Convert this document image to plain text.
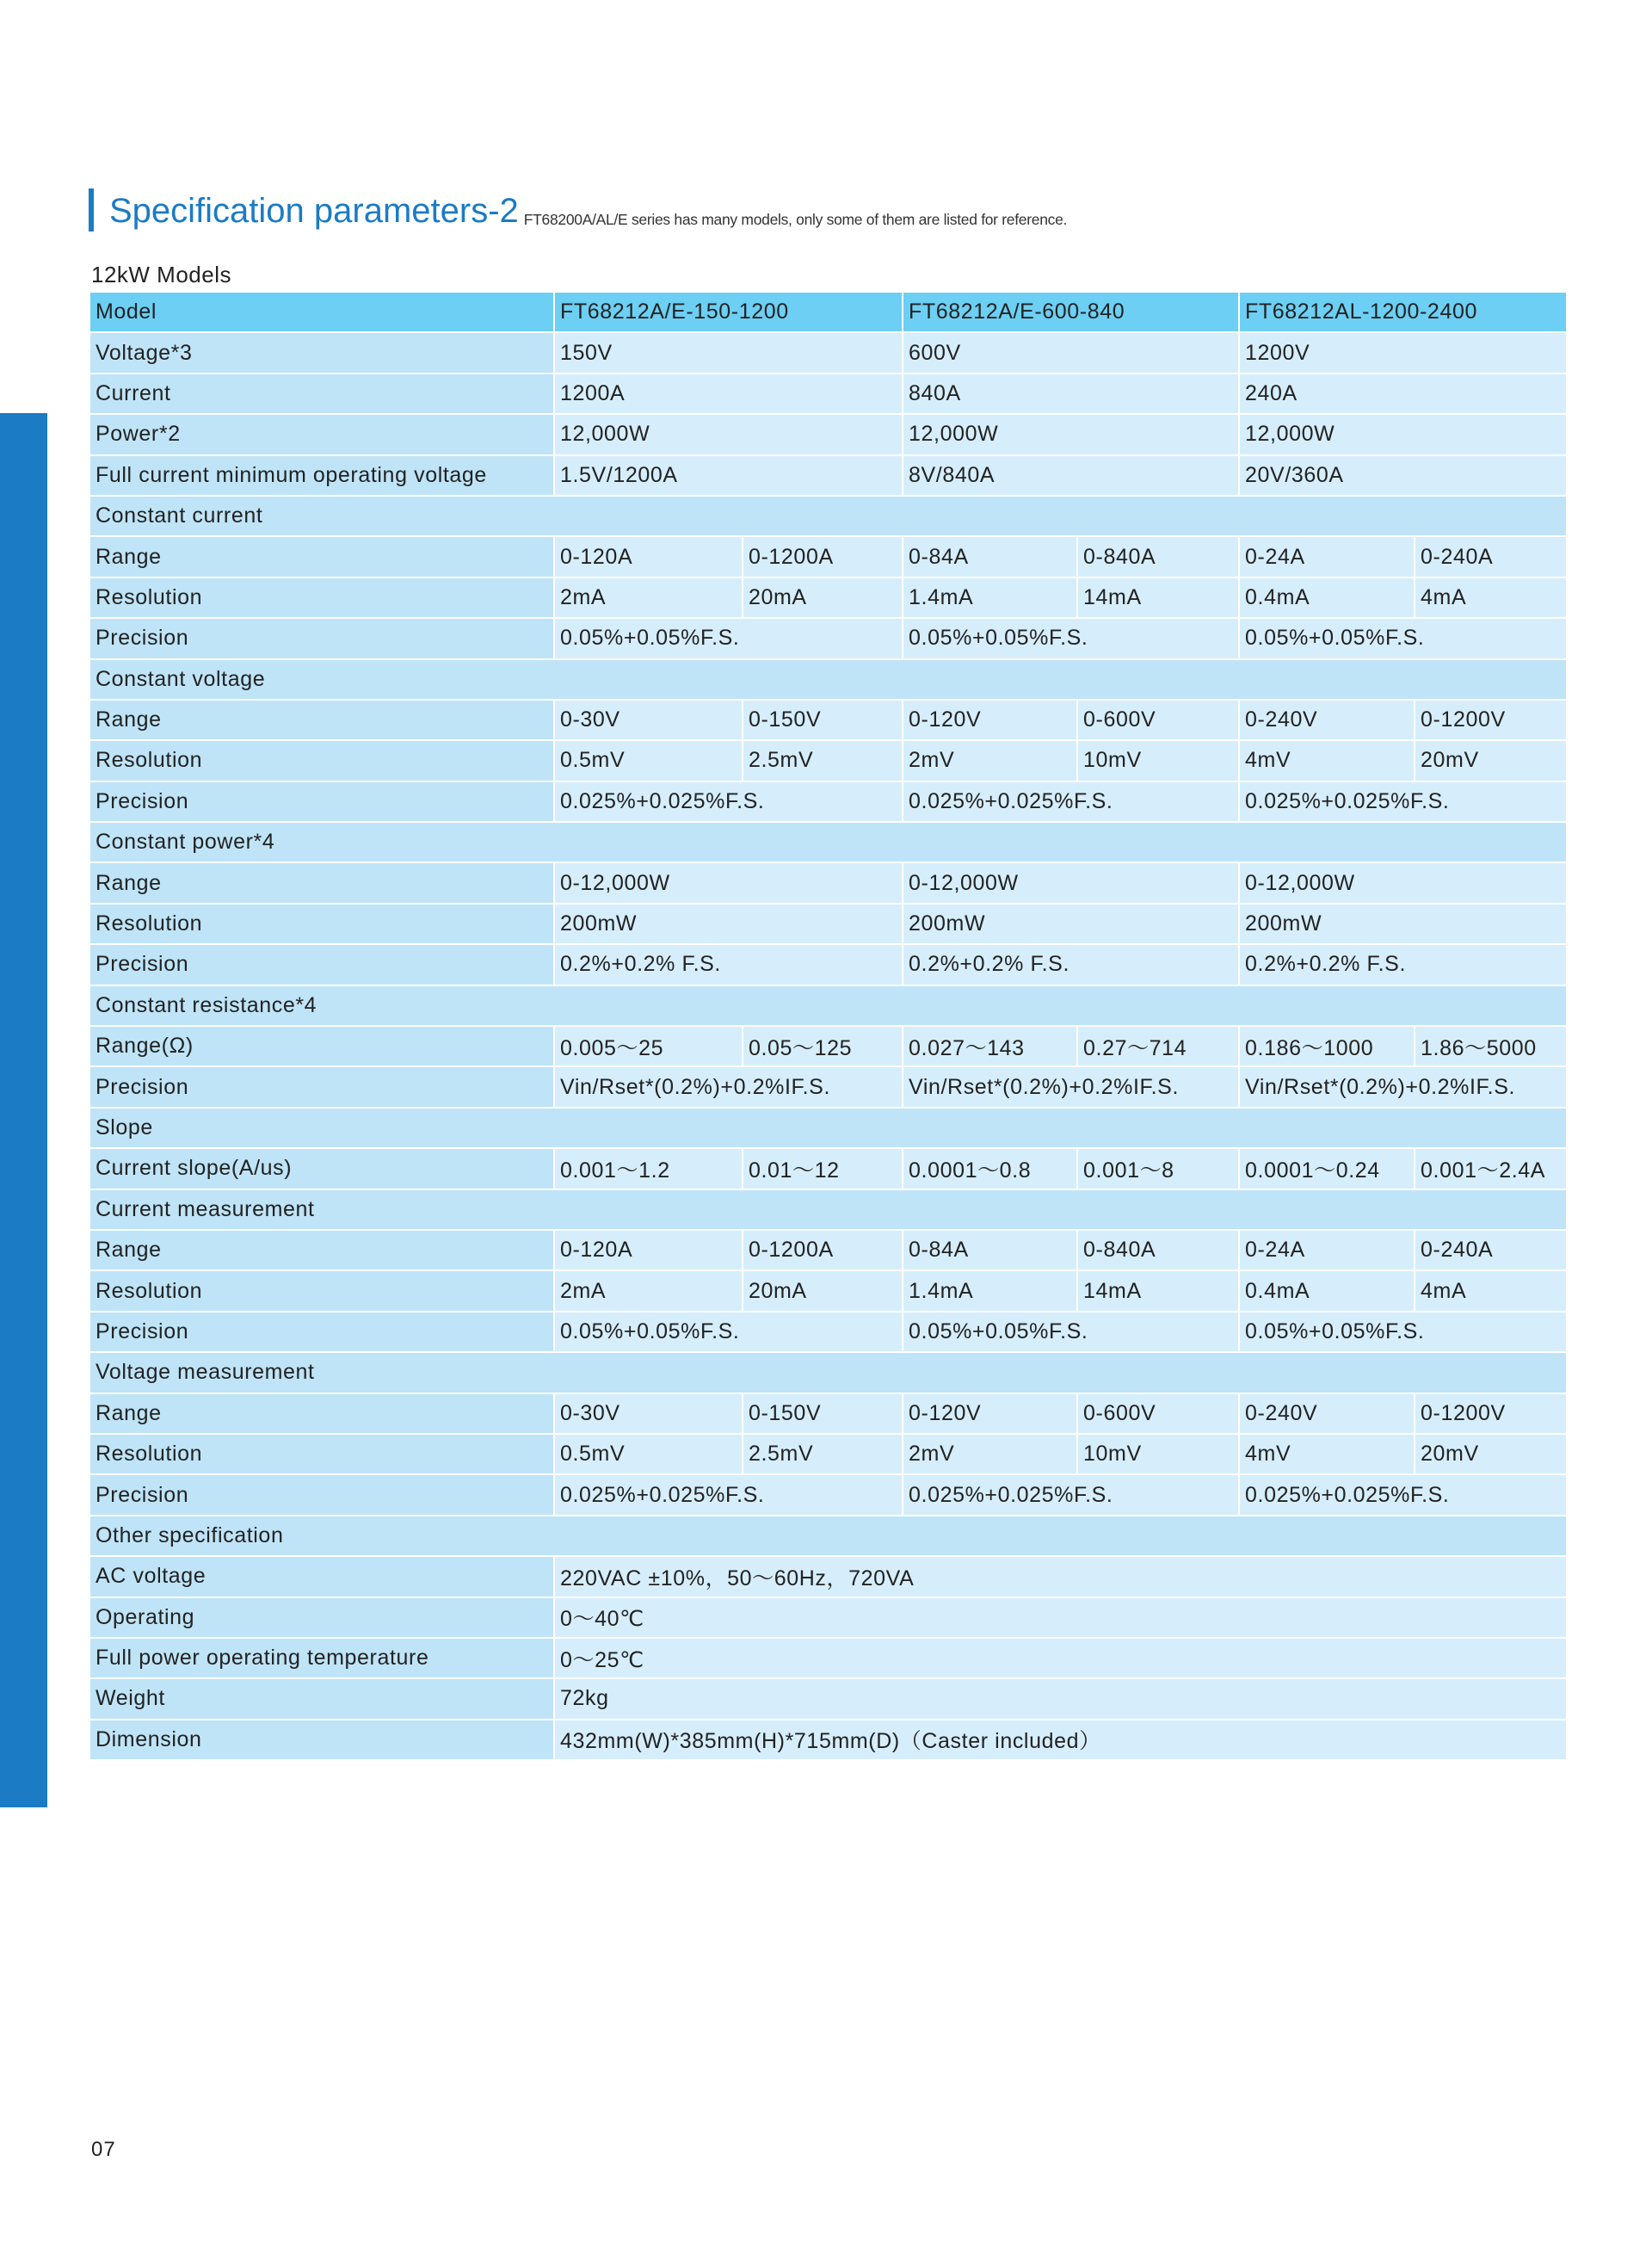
Specification parameters-2 FT68200A/AL/E series has many models, only some of them are listed for reference.
12kW Models
Model	FT68212A/E-150-1200		FT68212A/E-600-840		FT68212AL-1200-2400	
Voltage*3	150V		600V		1200V	
Current	1200A		840A		240A	
Power*2	12,000W		12,000W		12,000W	
Full current minimum operating voltage	1.5V/1200A		8V/840A		20V/360A	
Constant current						
Range	0-120A	0-1200A	0-84A	0-840A	0-24A	0-240A
Resolution	2mA	20mA	1.4mA	14mA	0.4mA	4mA
Precision	0.05%+0.05%F.S.		0.05%+0.05%F.S.		0.05%+0.05%F.S.	
Constant voltage						
Range	0-30V	0-150V	0-120V	0-600V	0-240V	0-1200V
Resolution	0.5mV	2.5mV	2mV	10mV	4mV	20mV
Precision	0.025%+0.025%F.S.		0.025%+0.025%F.S.		0.025%+0.025%F.S.	
Constant power*4						
Range	0-12,000W		0-12,000W		0-12,000W	
Resolution	200mW		200mW		200mW	
Precision	0.2%+0.2% F.S.		0.2%+0.2% F.S.		0.2%+0.2% F.S.	
Constant resistance*4						
Range(Ω)	0.005～25	0.05～125	0.027～143	0.27～714	0.186～1000	1.86～5000
Precision	Vin/Rset*(0.2%)+0.2%IF.S.		Vin/Rset*(0.2%)+0.2%IF.S.		Vin/Rset*(0.2%)+0.2%IF.S.	
Slope						
Current slope(A/us)	0.001～1.2	0.01～12	0.0001～0.8	0.001～8	0.0001～0.24	0.001～2.4A
Current measurement						
Range	0-120A	0-1200A	0-84A	0-840A	0-24A	0-240A
Resolution	2mA	20mA	1.4mA	14mA	0.4mA	4mA
Precision	0.05%+0.05%F.S.		0.05%+0.05%F.S.		0.05%+0.05%F.S.	
Voltage measurement						
Range	0-30V	0-150V	0-120V	0-600V	0-240V	0-1200V
Resolution	0.5mV	2.5mV	2mV	10mV	4mV	20mV
Precision	0.025%+0.025%F.S.		0.025%+0.025%F.S.		0.025%+0.025%F.S.	
Other specification						
AC voltage	220VAC ±10%，50～60Hz，720VA					
Operating	0～40℃					
Full power operating temperature	0～25℃					
Weight	72kg					
Dimension	432mm(W)*385mm(H)*715mm(D)（Caster included）					
07
